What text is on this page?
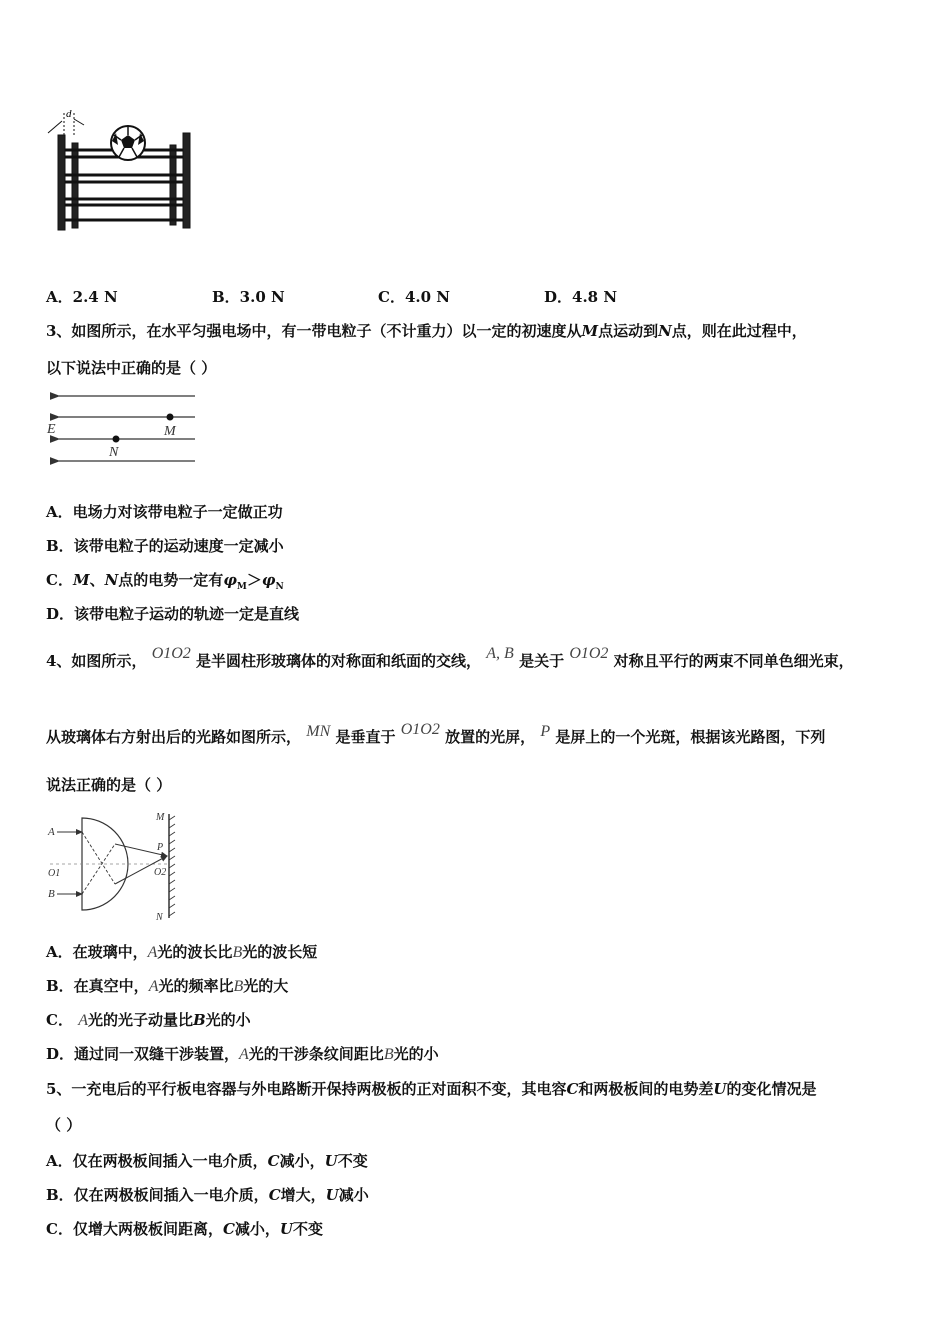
d
A．2.4 N	B．3.0 N	C．4.0 N	D．4.8 N
3、如图所示，在水平匀强电场中，有一带电粒子（不计重力）以一定的初速度从M点运动到N点，则在此过程中，
以下说法中正确的是（ ）
E	M
N
A．电场力对该带电粒子一定做正功
B．该带电粒子的运动速度一定减小
C．M、N点的电势一定有$\varphi_M>\varphi_N$
D．该带电粒子运动的轨迹一定是直线
4、如图所示， O1O2 是半圆柱形玻璃体的对称面和纸面的交线， A, B 是关于 O1O2 对称且平行的两束不同单色细光束，
从玻璃体右方射出后的光路如图所示， MN 是垂直于 O1O2 放置的光屏， P 是屏上的一个光斑，根据该光路图，下列
说法正确的是（ ）
A
O1
B
M
P
O2
N
A．在玻璃中，A光的波长比B光的波长短
B．在真空中，A光的频率比B光的大
C． A光的光子动量比B光的小
D．通过同一双缝干涉装置，A光的干涉条纹间距比B光的小
5、一充电后的平行板电容器与外电路断开保持两极板的正对面积不变，其电容C和两极板间的电势差U的变化情况是
（ ）
A．仅在两极板间插入一电介质，C减小，U不变
B．仅在两极板间插入一电介质，C增大，U减小
C．仅增大两极板间距离，C减小，U不变
